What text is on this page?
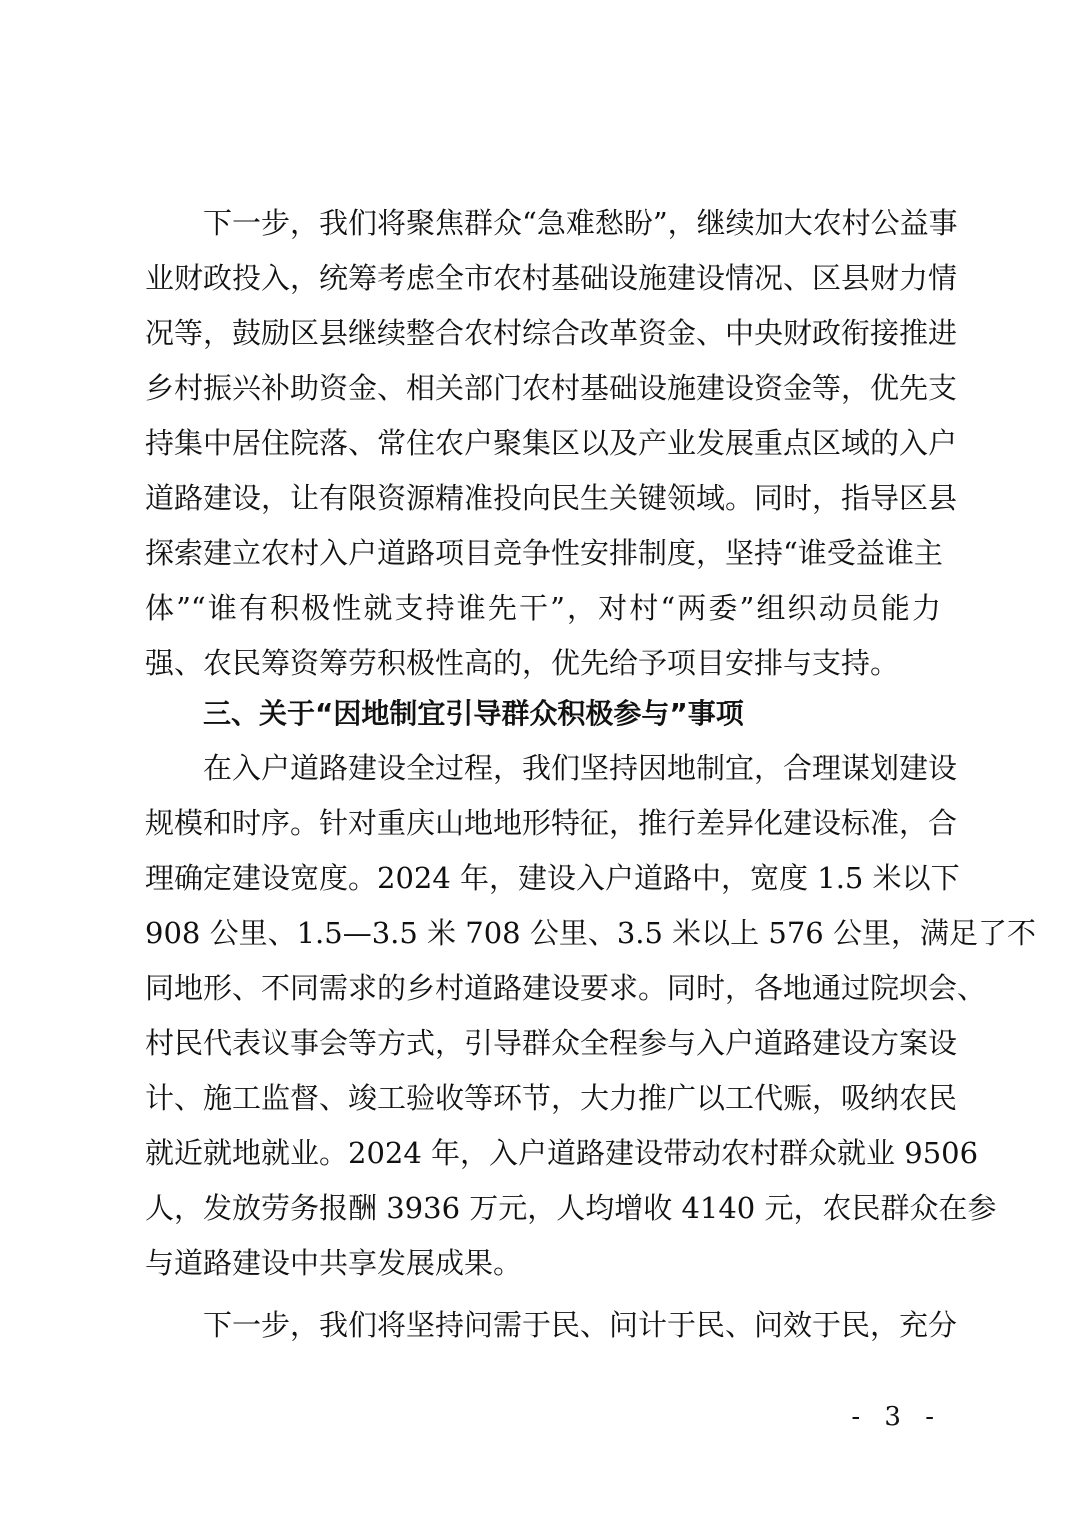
下一步，我们将聚焦群众“急难愁盼”，继续加大农村公益事
业财政投入，统筹考虑全市农村基础设施建设情况、区县财力情
况等，鼓励区县继续整合农村综合改革资金、中央财政衔接推进
乡村振兴补助资金、相关部门农村基础设施建设资金等，优先支
持集中居住院落、常住农户聚集区以及产业发展重点区域的入户
道路建设，让有限资源精准投向民生关键领域。同时，指导区县
探索建立农村入户道路项目竞争性安排制度，坚持“谁受益谁主
体”“谁有积极性就支持谁先干”，对村“两委”组织动员能力
强、农民筹资筹劳积极性高的，优先给予项目安排与支持。
三、关于“因地制宜引导群众积极参与”事项
在入户道路建设全过程，我们坚持因地制宜，合理谋划建设
规模和时序。针对重庆山地地形特征，推行差异化建设标准，合
理确定建设宽度。2024 年，建设入户道路中，宽度 1.5 米以下
908 公里、1.5—3.5 米 708 公里、3.5 米以上 576 公里，满足了不
同地形、不同需求的乡村道路建设要求。同时，各地通过院坝会、
村民代表议事会等方式，引导群众全程参与入户道路建设方案设
计、施工监督、竣工验收等环节，大力推广以工代赈，吸纳农民
就近就地就业。2024 年，入户道路建设带动农村群众就业 9506
人，发放劳务报酬 3936 万元，人均增收 4140 元，农民群众在参
与道路建设中共享发展成果。
下一步，我们将坚持问需于民、问计于民、问效于民，充分
- 3 -
